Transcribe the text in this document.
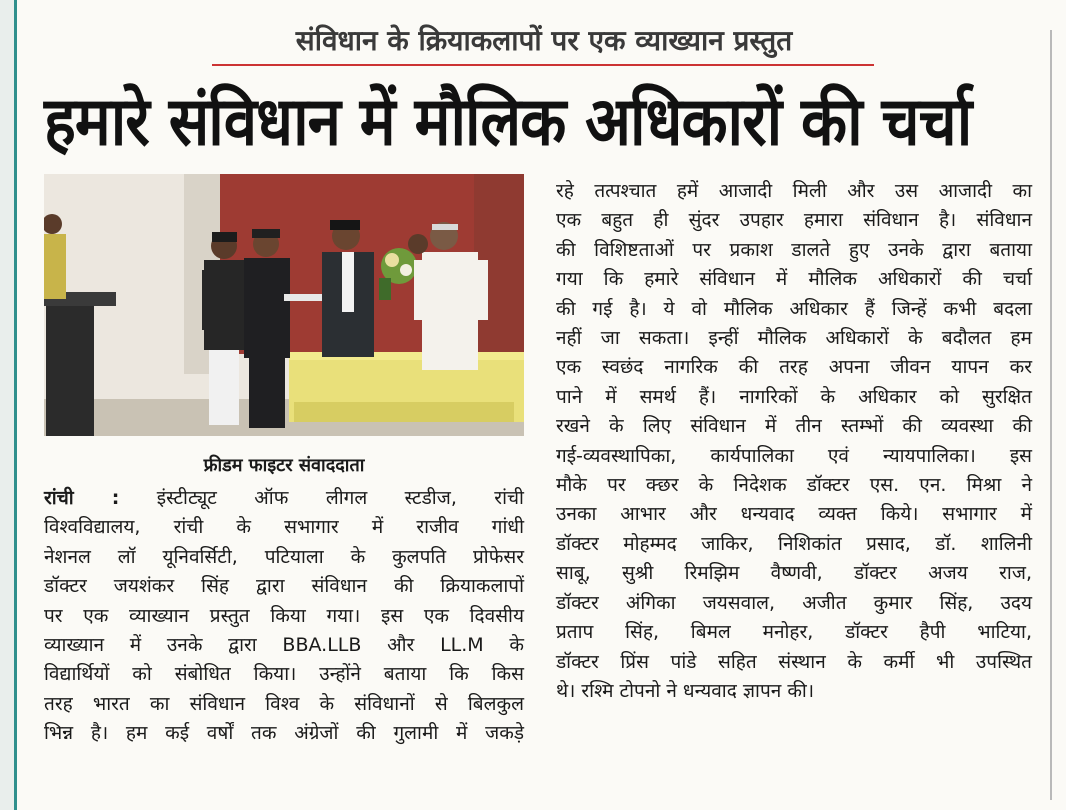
संविधान के क्रियाकलापों पर एक व्याख्यान प्रस्तुत
हमारे संविधान में मौलिक अधिकारों की चर्चा
फ्रीडम फाइटर संवाददाता
रांची : इंस्टीट्यूट ऑफ लीगल स्टडीज, रांची
विश्वविद्यालय, रांची के सभागार में राजीव गांधी
नेशनल लॉ यूनिवर्सिटी, पटियाला के कुलपति प्रोफेसर
डॉक्टर जयशंकर सिंह द्वारा संविधान की क्रियाकलापों
पर एक व्याख्यान प्रस्तुत किया गया। इस एक दिवसीय
व्याख्यान में उनके द्वारा BBA.LLB और LL.M के
विद्यार्थियों को संबोधित किया। उन्होंने बताया कि किस
तरह भारत का संविधान विश्व के संविधानों से बिलकुल
भिन्न है। हम कई वर्षों तक अंग्रेजों की गुलामी में जकड़े
रहे तत्पश्चात हमें आजादी मिली और उस आजादी का
एक बहुत ही सुंदर उपहार हमारा संविधान है। संविधान
की विशिष्टताओं पर प्रकाश डालते हुए उनके द्वारा बताया
गया कि हमारे संविधान में मौलिक अधिकारों की चर्चा
की गई है। ये वो मौलिक अधिकार हैं जिन्हें कभी बदला
नहीं जा सकता। इन्हीं मौलिक अधिकारों के बदौलत हम
एक स्वछंद नागरिक की तरह अपना जीवन यापन कर
पाने में समर्थ हैं। नागरिकों के अधिकार को सुरक्षित
रखने के लिए संविधान में तीन स्तम्भों की व्यवस्था की
गई-व्यवस्थापिका, कार्यपालिका एवं न्यायपालिका। इस
मौके पर क्छर के निदेशक डॉक्टर एस. एन. मिश्रा ने
उनका आभार और धन्यवाद व्यक्त किये। सभागार में
डॉक्टर मोहम्मद जाकिर, निशिकांत प्रसाद, डॉ. शालिनी
साबू, सुश्री रिमझिम वैष्णवी, डॉक्टर अजय राज,
डॉक्टर अंगिका जयसवाल, अजीत कुमार सिंह, उदय
प्रताप सिंह, बिमल मनोहर, डॉक्टर हैपी भाटिया,
डॉक्टर प्रिंस पांडे सहित संस्थान के कर्मी भी उपस्थित
थे। रश्मि टोपनो ने धन्यवाद ज्ञापन की।
